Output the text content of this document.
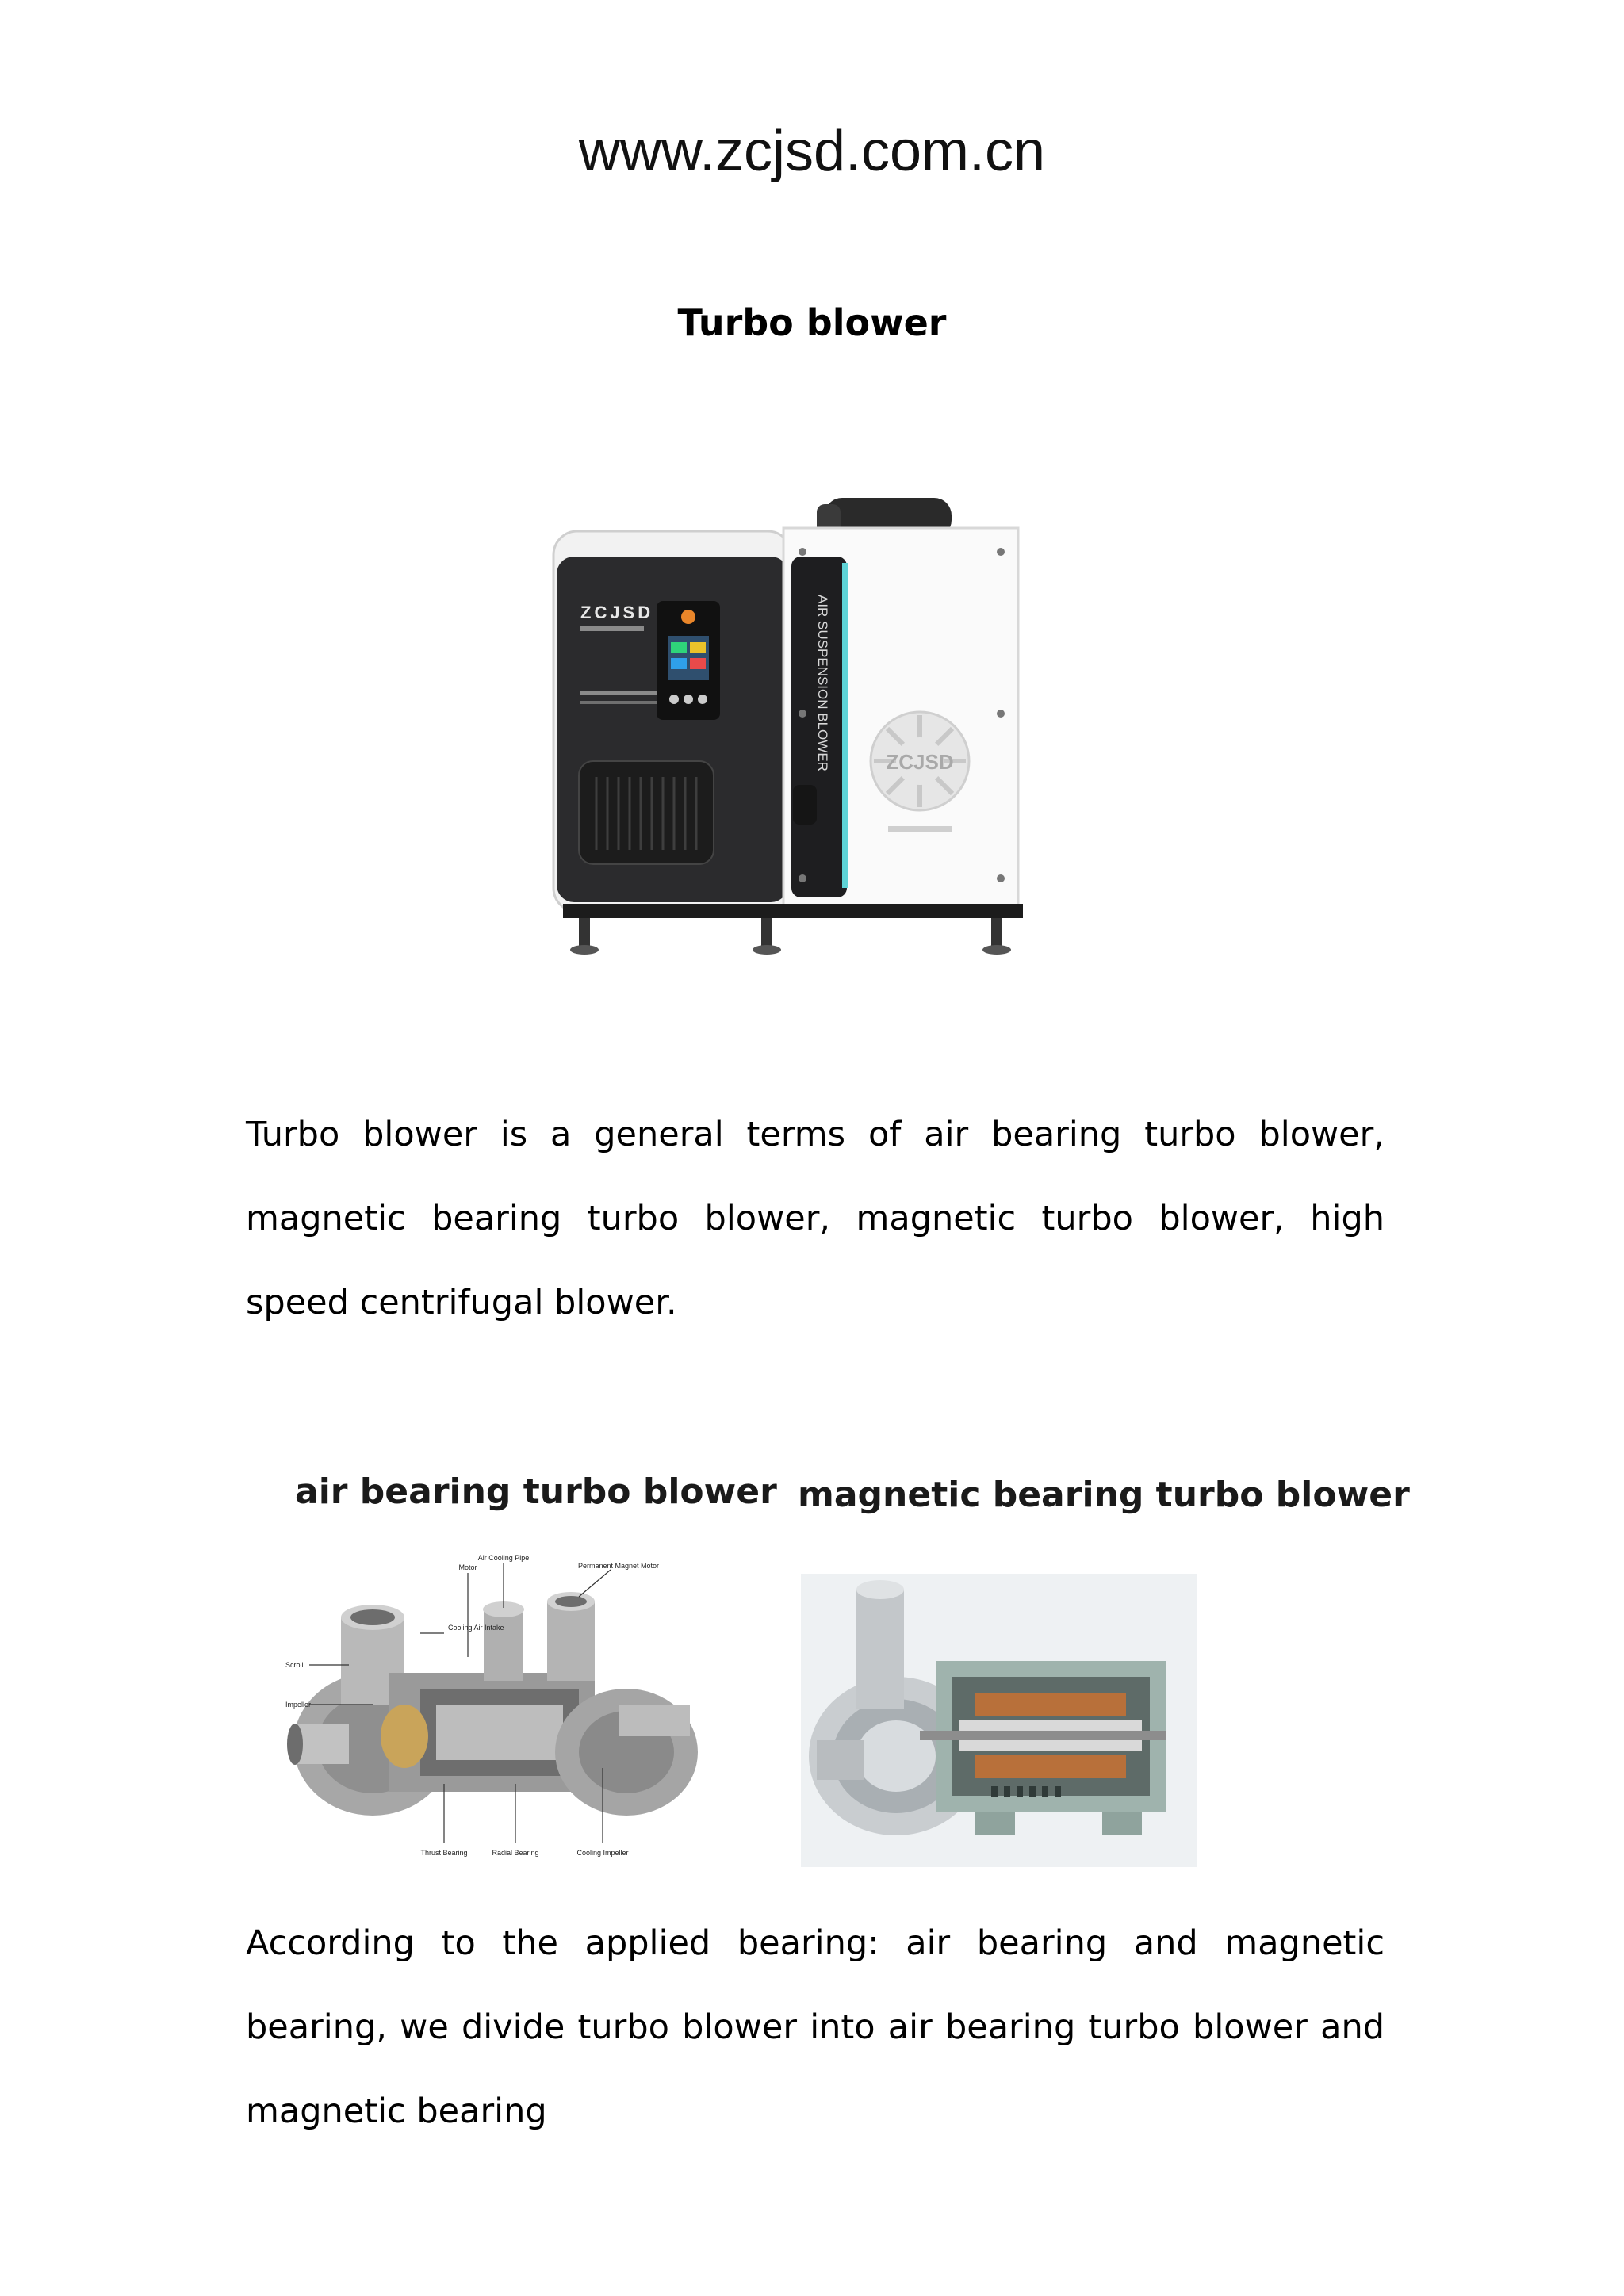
www.zcjsd.com.cn
Turbo blower
AIR SUSPENSION BLOWER
ZCJSD
ZCJSD
Turbo blower is a general terms of air bearing turbo blower, magnetic bearing turbo blower, magnetic turbo blower, high speed centrifugal blower.
air bearing turbo blower magnetic bearing turbo blower
Air Cooling Pipe
Motor	Permanent Magnet Motor
Cooling Air Intake
Scroll
Impeller
Thrust Bearing	Radial Bearing	Cooling Impeller
According to the applied bearing: air bearing and magnetic bearing, we divide turbo blower into air bearing turbo blower and magnetic bearing
